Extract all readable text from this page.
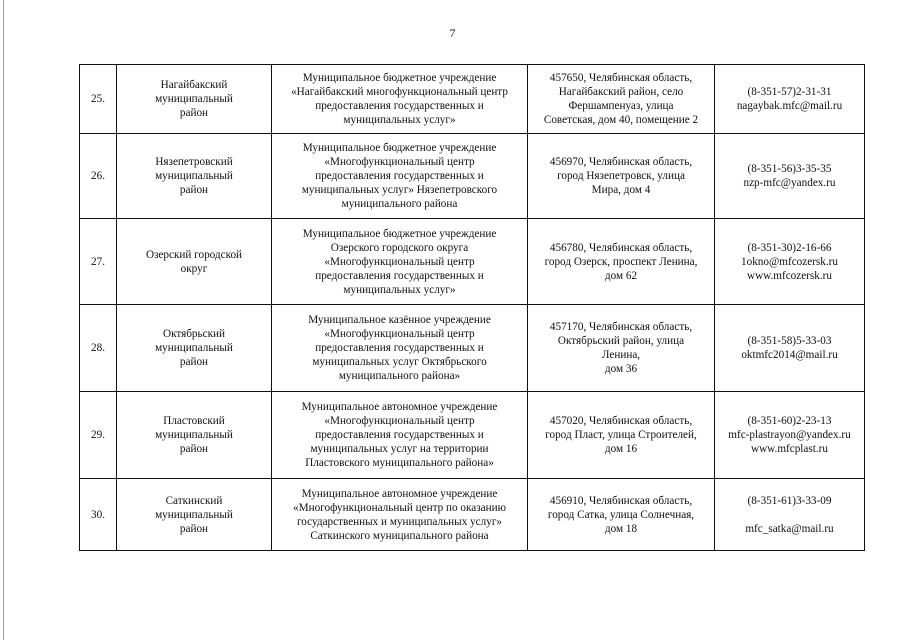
7
25.	Нагайбакский
муниципальный
район	Муниципальное бюджетное учреждение
«Нагайбакский многофункциональный центр
предоставления государственных и
муниципальных услуг»	457650, Челябинская область,
Нагайбакский район, село
Фершампенуаз, улица
Советская, дом 40, помещение 2	(8-351-57)2-31-31
nagaybak.mfc@mail.ru

26.	Нязепетровский
муниципальный
район	Муниципальное бюджетное учреждение
«Многофункциональный центр
предоставления государственных и
муниципальных услуг» Нязепетровского
муниципального района	456970, Челябинская область,
город Нязепетровск, улица
Мира, дом 4	(8-351-56)3-35-35
nzp-mfc@yandex.ru

27.	Озерский городской
округ	Муниципальное бюджетное учреждение
Озерского городского округа
«Многофункциональный центр
предоставления государственных и
муниципальных услуг»	456780, Челябинская область,
город Озерск, проспект Ленина,
дом 62	(8-351-30)2-16-66
1okno@mfcozersk.ru
www.mfcozersk.ru

28.	Октябрьский
муниципальный
район	Муниципальное казённое учреждение
«Многофункциональный центр
предоставления государственных и
муниципальных услуг Октябрьского
муниципального района»	457170, Челябинская область,
Октябрьский район, улица
Ленина,
дом 36	(8-351-58)5-33-03
oktmfc2014@mail.ru

29.	Пластовский
муниципальный
район	Муниципальное автономное учреждение
«Многофункциональный центр
предоставления государственных и
муниципальных услуг на территории
Пластовского муниципального района»	457020, Челябинская область,
город Пласт, улица Строителей,
дом 16	(8-351-60)2-23-13
mfc-plastrayon@yandex.ru
www.mfcplast.ru

30.	Саткинский
муниципальный
район	Муниципальное автономное учреждение
«Многофункциональный центр по оказанию
государственных и муниципальных услуг»
Саткинского муниципального района	456910, Челябинская область,
город Сатка, улица Солнечная,
дом 18	(8-351-61)3-33-09
mfc_satka@mail.ru
